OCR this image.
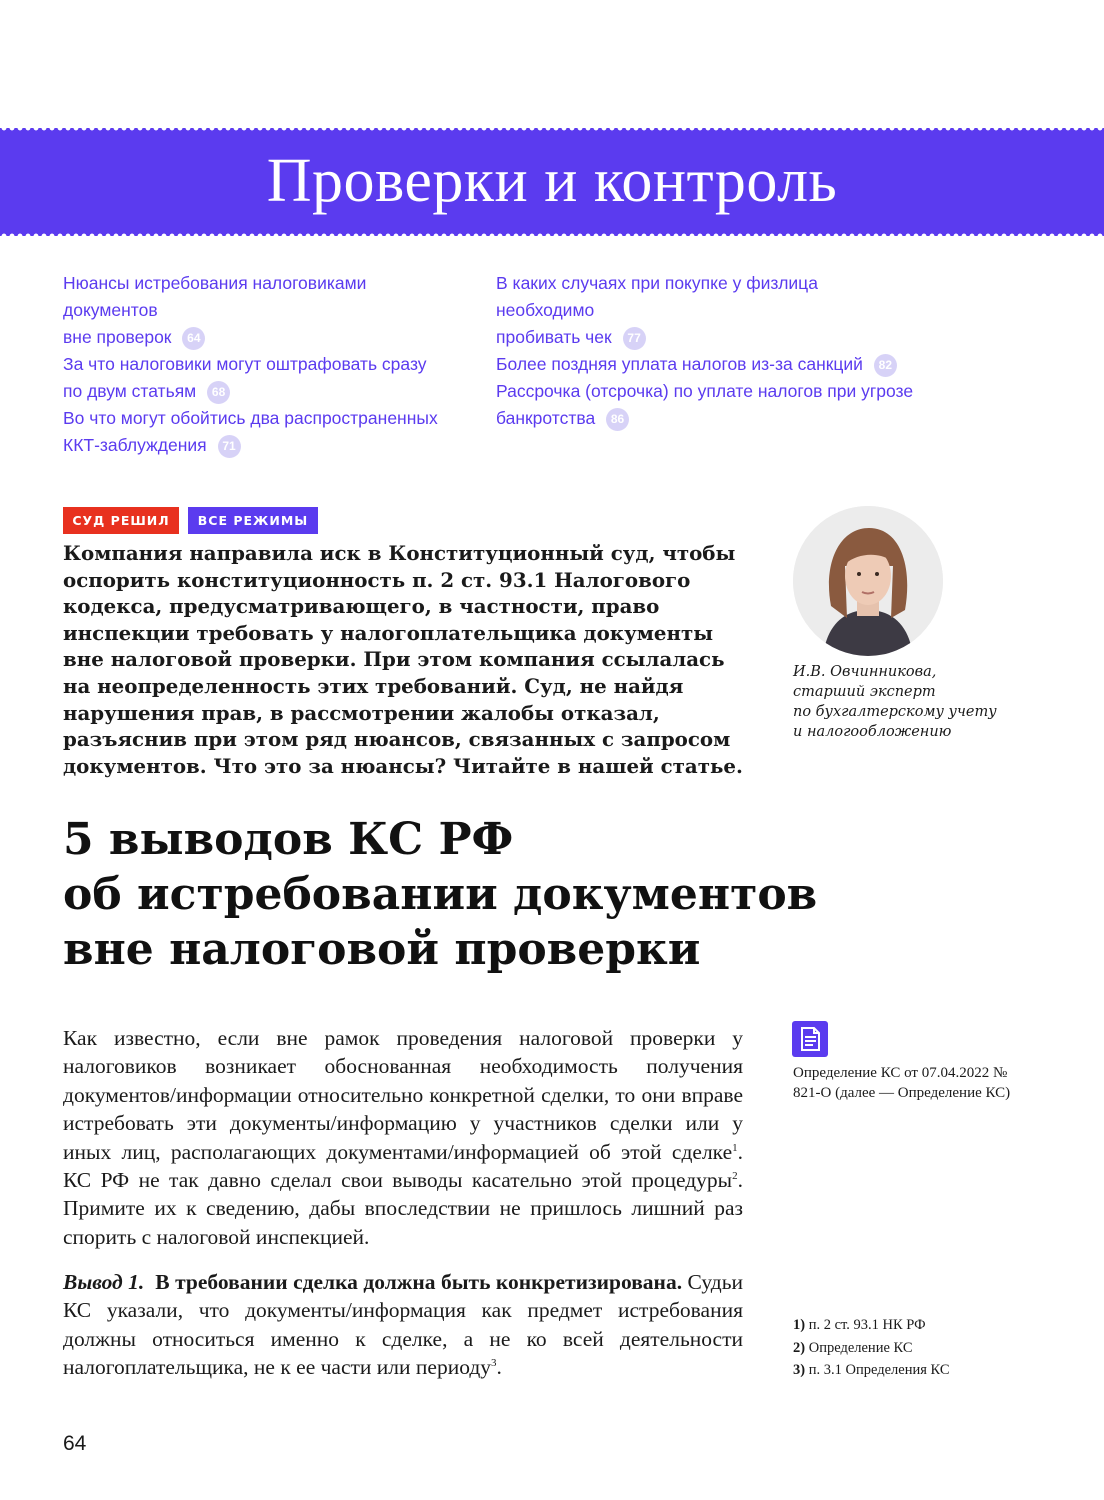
Проверки и контроль
Нюансы истребования налоговиками документов
вне проверок 64
За что налоговики могут оштрафовать сразу
по двум статьям 68
Во что могут обойтись два распространенных
ККТ-заблуждения 71
В каких случаях при покупке у физлица необходимо
пробивать чек 77
Более поздняя уплата налогов из-за санкций 82
Рассрочка (отсрочка) по уплате налогов при угрозе
банкротства 86
СУД РЕШИЛ	ВСЕ РЕЖИМЫ

Компания направила иск в Конституционный суд, чтобы оспорить конституционность п. 2 ст. 93.1 Налогового кодекса, предусматривающего, в частности, право инспекции требовать у налогоплательщика документы вне налоговой проверки. При этом компания ссылалась на неопределенность этих требований. Суд, не найдя нарушения прав, в рассмотрении жалобы отказал, разъяснив при этом ряд нюансов, связанных с запросом документов. Что это за нюансы? Читайте в нашей статье.

И.В. Овчинникова,
старший эксперт
по бухгалтерскому учету
и налогообложению

5 выводов КС РФ
об истребовании документов
вне налоговой проверки

Как известно, если вне рамок проведения налоговой проверки у налоговиков возникает обоснованная необходимость получения документов/информации относительно конкретной сделки, то они вправе истребовать эти документы/информацию у участников сделки или у иных лиц, располагающих документами/информацией об этой сделке$^1$. КС РФ не так давно сделал свои выводы касательно этой процедуры$^2$. Примите их к сведению, дабы впоследствии не пришлось лишний раз спорить с налоговой инспекцией.

Вывод 1. В требовании сделка должна быть конкретизирована. Судьи КС указали, что документы/информация как предмет истребования должны относиться именно к сделке, а не ко всей деятельности налогоплательщика, не к ее части или периоду$^3$.

Определение КС от 07.04.2022 № 821-О (далее — Определение КС)

1) п. 2 ст. 93.1 НК РФ
2) Определение КС
3) п. 3.1 Определения КС
64
